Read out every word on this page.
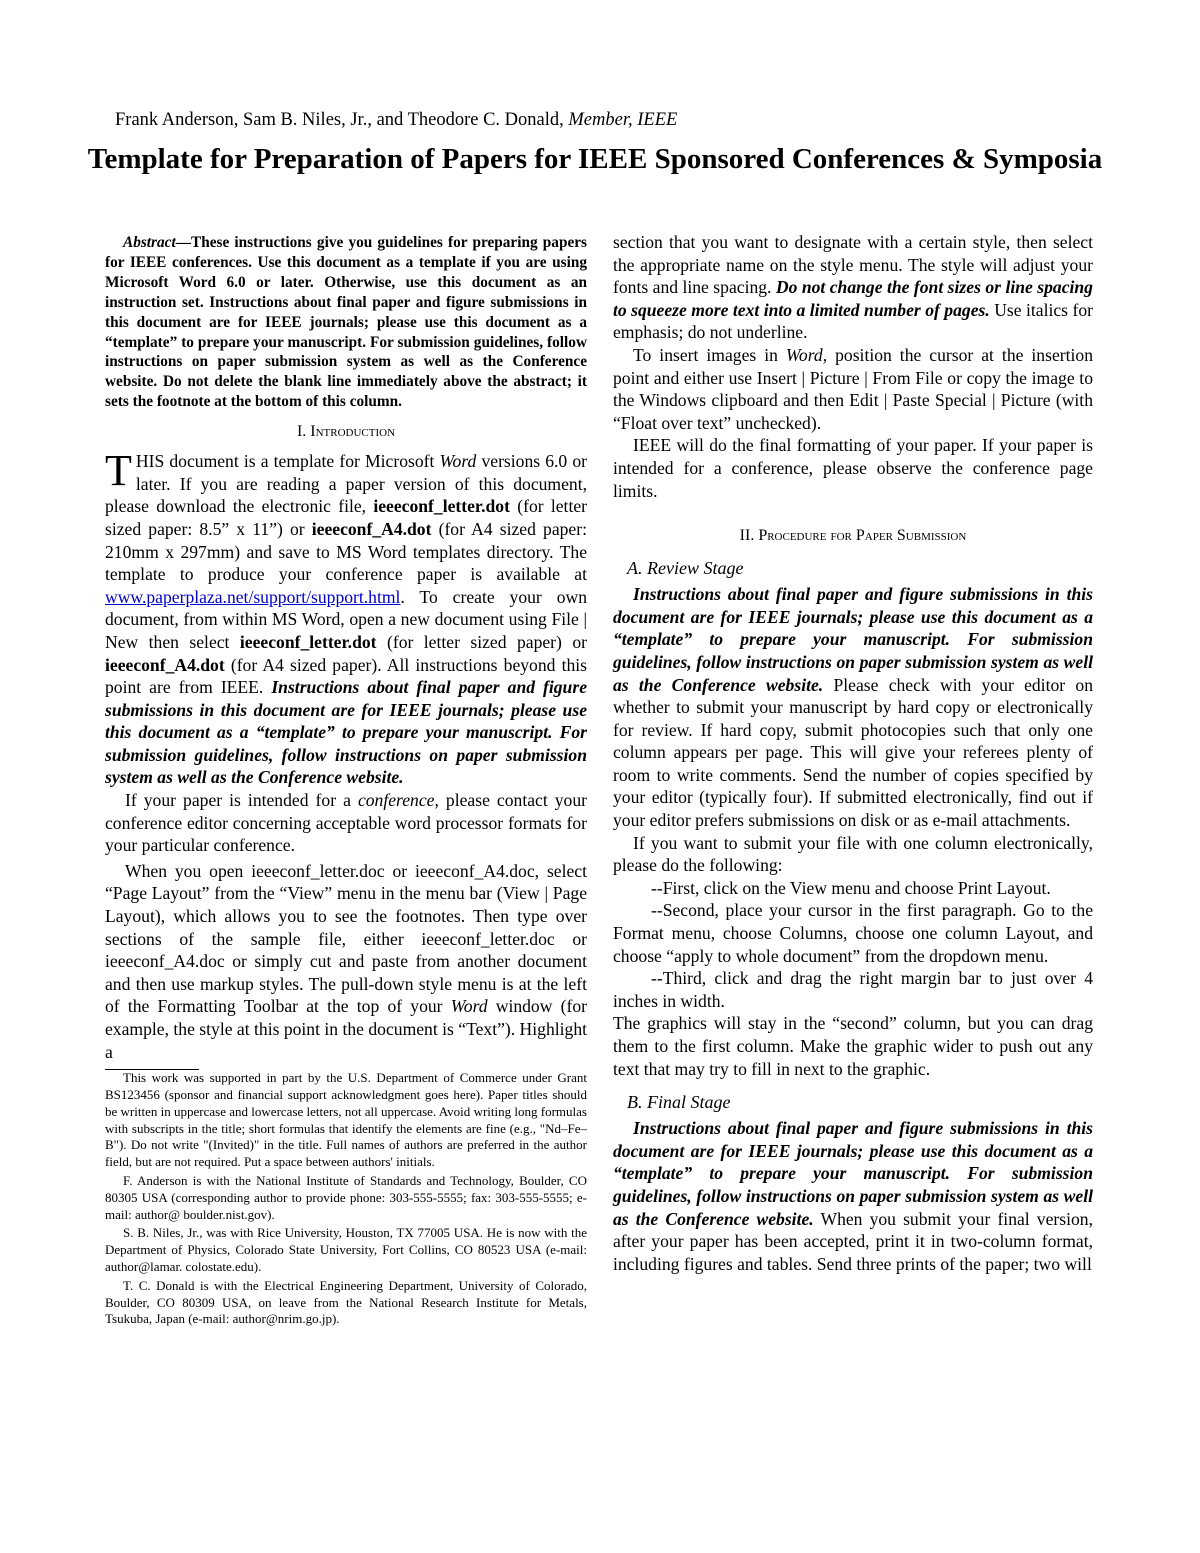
Frank Anderson, Sam B. Niles, Jr., and Theodore C. Donald, Member, IEEE
Template for Preparation of Papers for IEEE Sponsored Conferences & Symposia

Abstract—These instructions give you guidelines for preparing papers for IEEE conferences. Use this document as a template if you are using Microsoft Word 6.0 or later. Otherwise, use this document as an instruction set. Instructions about final paper and figure submissions in this document are for IEEE journals; please use this document as a “template” to prepare your manuscript. For submission guidelines, follow instructions on paper submission system as well as the Conference website. Do not delete the blank line immediately above the abstract; it sets the footnote at the bottom of this column.

I. Introduction

THIS document is a template for Microsoft Word versions 6.0 or later. If you are reading a paper version of this document, please download the electronic file, ieeeconf_letter.dot (for letter sized paper: 8.5” x 11”) or ieeeconf_A4.dot (for A4 sized paper: 210mm x 297mm) and save to MS Word templates directory. The template to produce your conference paper is available at www.paperplaza.net/support/support.html. To create your own document, from within MS Word, open a new document using File | New then select ieeeconf_letter.dot (for letter sized paper) or ieeeconf_A4.dot (for A4 sized paper). All instructions beyond this point are from IEEE. Instructions about final paper and figure submissions in this document are for IEEE journals; please use this document as a “template” to prepare your manuscript. For submission guidelines, follow instructions on paper submission system as well as the Conference website.

If your paper is intended for a conference, please contact your conference editor concerning acceptable word processor formats for your particular conference.

When you open ieeeconf_letter.doc or ieeeconf_A4.doc, select “Page Layout” from the “View” menu in the menu bar (View | Page Layout), which allows you to see the footnotes. Then type over sections of the sample file, either ieeeconf_letter.doc or ieeeconf_A4.doc or simply cut and paste from another document and then use markup styles. The pull-down style menu is at the left of the Formatting Toolbar at the top of your Word window (for example, the style at this point in the document is “Text”). Highlight a

This work was supported in part by the U.S. Department of Commerce under Grant BS123456 (sponsor and financial support acknowledgment goes here). Paper titles should be written in uppercase and lowercase letters, not all uppercase. Avoid writing long formulas with subscripts in the title; short formulas that identify the elements are fine (e.g., "Nd–Fe–B"). Do not write "(Invited)" in the title. Full names of authors are preferred in the author field, but are not required. Put a space between authors' initials.

F. Anderson is with the National Institute of Standards and Technology, Boulder, CO 80305 USA (corresponding author to provide phone: 303-555-5555; fax: 303-555-5555; e-mail: author@ boulder.nist.gov).

S. B. Niles, Jr., was with Rice University, Houston, TX 77005 USA. He is now with the Department of Physics, Colorado State University, Fort Collins, CO 80523 USA (e-mail: author@lamar. colostate.edu).

T. C. Donald is with the Electrical Engineering Department, University of Colorado, Boulder, CO 80309 USA, on leave from the National Research Institute for Metals, Tsukuba, Japan (e-mail: author@nrim.go.jp).

section that you want to designate with a certain style, then select the appropriate name on the style menu. The style will adjust your fonts and line spacing. Do not change the font sizes or line spacing to squeeze more text into a limited number of pages. Use italics for emphasis; do not underline.

To insert images in Word, position the cursor at the insertion point and either use Insert | Picture | From File or copy the image to the Windows clipboard and then Edit | Paste Special | Picture (with “Float over text” unchecked).

IEEE will do the final formatting of your paper. If your paper is intended for a conference, please observe the conference page limits.

II. Procedure for Paper Submission
A. Review Stage

Instructions about final paper and figure submissions in this document are for IEEE journals; please use this document as a “template” to prepare your manuscript. For submission guidelines, follow instructions on paper submission system as well as the Conference website. Please check with your editor on whether to submit your manuscript by hard copy or electronically for review. If hard copy, submit photocopies such that only one column appears per page. This will give your referees plenty of room to write comments. Send the number of copies specified by your editor (typically four). If submitted electronically, find out if your editor prefers submissions on disk or as e-mail attachments.

If you want to submit your file with one column electronically, please do the following:

--First, click on the View menu and choose Print Layout.

--Second, place your cursor in the first paragraph. Go to the Format menu, choose Columns, choose one column Layout, and choose “apply to whole document” from the dropdown menu.

--Third, click and drag the right margin bar to just over 4 inches in width.

The graphics will stay in the “second” column, but you can drag them to the first column. Make the graphic wider to push out any text that may try to fill in next to the graphic.

B. Final Stage

Instructions about final paper and figure submissions in this document are for IEEE journals; please use this document as a “template” to prepare your manuscript. For submission guidelines, follow instructions on paper submission system as well as the Conference website. When you submit your final version, after your paper has been accepted, print it in two-column format, including figures and tables. Send three prints of the paper; two will
